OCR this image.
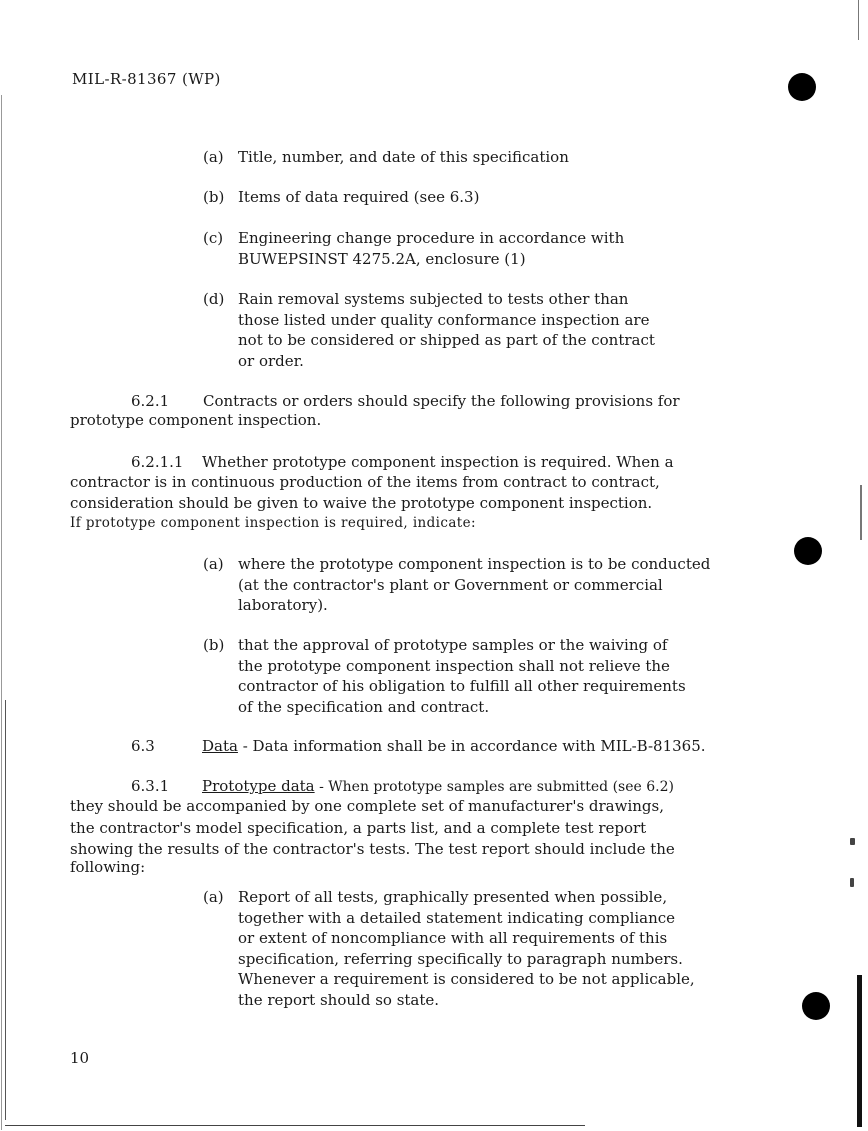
MIL-R-81367 (WP)
(a) Title, number, and date of this specification
(b) Items of data required (see 6.3)
(c) Engineering change procedure in accordance with
BUWEPSINST 4275.2A, enclosure (1)
(d) Rain removal systems subjected to tests other than
those listed under quality conformance inspection are
not to be considered or shipped as part of the contract
or order.
6.2.1 Contracts or orders should specify the following provisions for
prototype component inspection.
6.2.1.1 Whether prototype component inspection is required. When a
contractor is in continuous production of the items from contract to contract,
consideration should be given to waive the prototype component inspection.
If prototype component inspection is required, indicate:
(a) where the prototype component inspection is to be conducted
(at the contractor's plant or Government or commercial
laboratory).
(b) that the approval of prototype samples or the waiving of
the prototype component inspection shall not relieve the
contractor of his obligation to fulfill all other requirements
of the specification and contract.
6.3	Data - Data information shall be in accordance with MIL-B-81365.
6.3.1 Prototype data - When prototype samples are submitted (see 6.2)
they should be accompanied by one complete set of manufacturer's drawings,
the contractor's model specification, a parts list, and a complete test report
showing the results of the contractor's tests. The test report should include the
following:
(a) Report of all tests, graphically presented when possible,
together with a detailed statement indicating compliance
or extent of noncompliance with all requirements of this
specification, referring specifically to paragraph numbers.
Whenever a requirement is considered to be not applicable,
the report should so state.
10
